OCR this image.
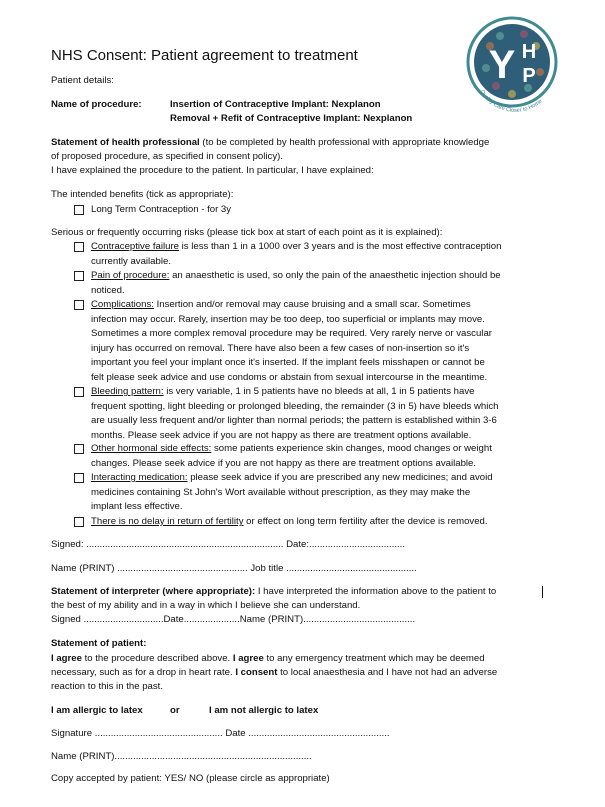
NHS Consent: Patient agreement to treatment	Y H
P
Quality Care Closer to Home
Patient details:
Name of procedure:	Insertion of Contraceptive Implant: Nexplanon
Removal + Refit of Contraceptive Implant: Nexplanon
Statement of health professional (to be completed by health professional with appropriate knowledge
of proposed procedure, as specified in consent policy).
I have explained the procedure to the patient. In particular, I have explained:
The intended benefits (tick as appropriate):
Long Term Contraception - for 3y
Serious or frequently occurring risks (please tick box at start of each point as it is explained):
Contraceptive failure is less than 1 in a 1000 over 3 years and is the most effective contraception
currently available.
Pain of procedure: an anaesthetic is used, so only the pain of the anaesthetic injection should be
noticed.
Complications: Insertion and/or removal may cause bruising and a small scar. Sometimes
infection may occur. Rarely, insertion may be too deep, too superficial or implants may move.
Sometimes a more complex removal procedure may be required. Very rarely nerve or vascular
injury has occurred on removal. There have also been a few cases of non-insertion so it's
important you feel your implant once it's inserted. If the implant feels misshapen or cannot be
felt please seek advice and use condoms or abstain from sexual intercourse in the meantime.
Bleeding pattern: is very variable, 1 in 5 patients have no bleeds at all, 1 in 5 patients have
frequent spotting, light bleeding or prolonged bleeding, the remainder (3 in 5) have bleeds which
are usually less frequent and/or lighter than normal periods; the pattern is established within 3-6
months. Please seek advice if you are not happy as there are treatment options available.
Other hormonal side effects: some patients experience skin changes, mood changes or weight
changes. Please seek advice if you are not happy as there are treatment options available.
Interacting medication: please seek advice if you are prescribed any new medicines; and avoid
medicines containing St John's Wort available without prescription, as they may make the
implant less effective.
There is no delay in return of fertility or effect on long term fertility after the device is removed.
Signed: .......................................................................... Date:....................................
Name (PRINT) ................................................. Job title .................................................
Statement of interpreter (where appropriate): I have interpreted the information above to the patient to
the best of my ability and in a way in which I believe she can understand.
Signed ..............................Date.....................Name (PRINT)..........................................
Statement of patient:
I agree to the procedure described above. I agree to any emergency treatment which may be deemed
necessary, such as for a drop in heart rate. I consent to local anaesthesia and I have not had an adverse
reaction to this in the past.
I am allergic to latex	or	I am not allergic to latex
Signature ................................................ Date .....................................................
Name (PRINT)..........................................................................
Copy accepted by patient: YES/ NO (please circle as appropriate)
